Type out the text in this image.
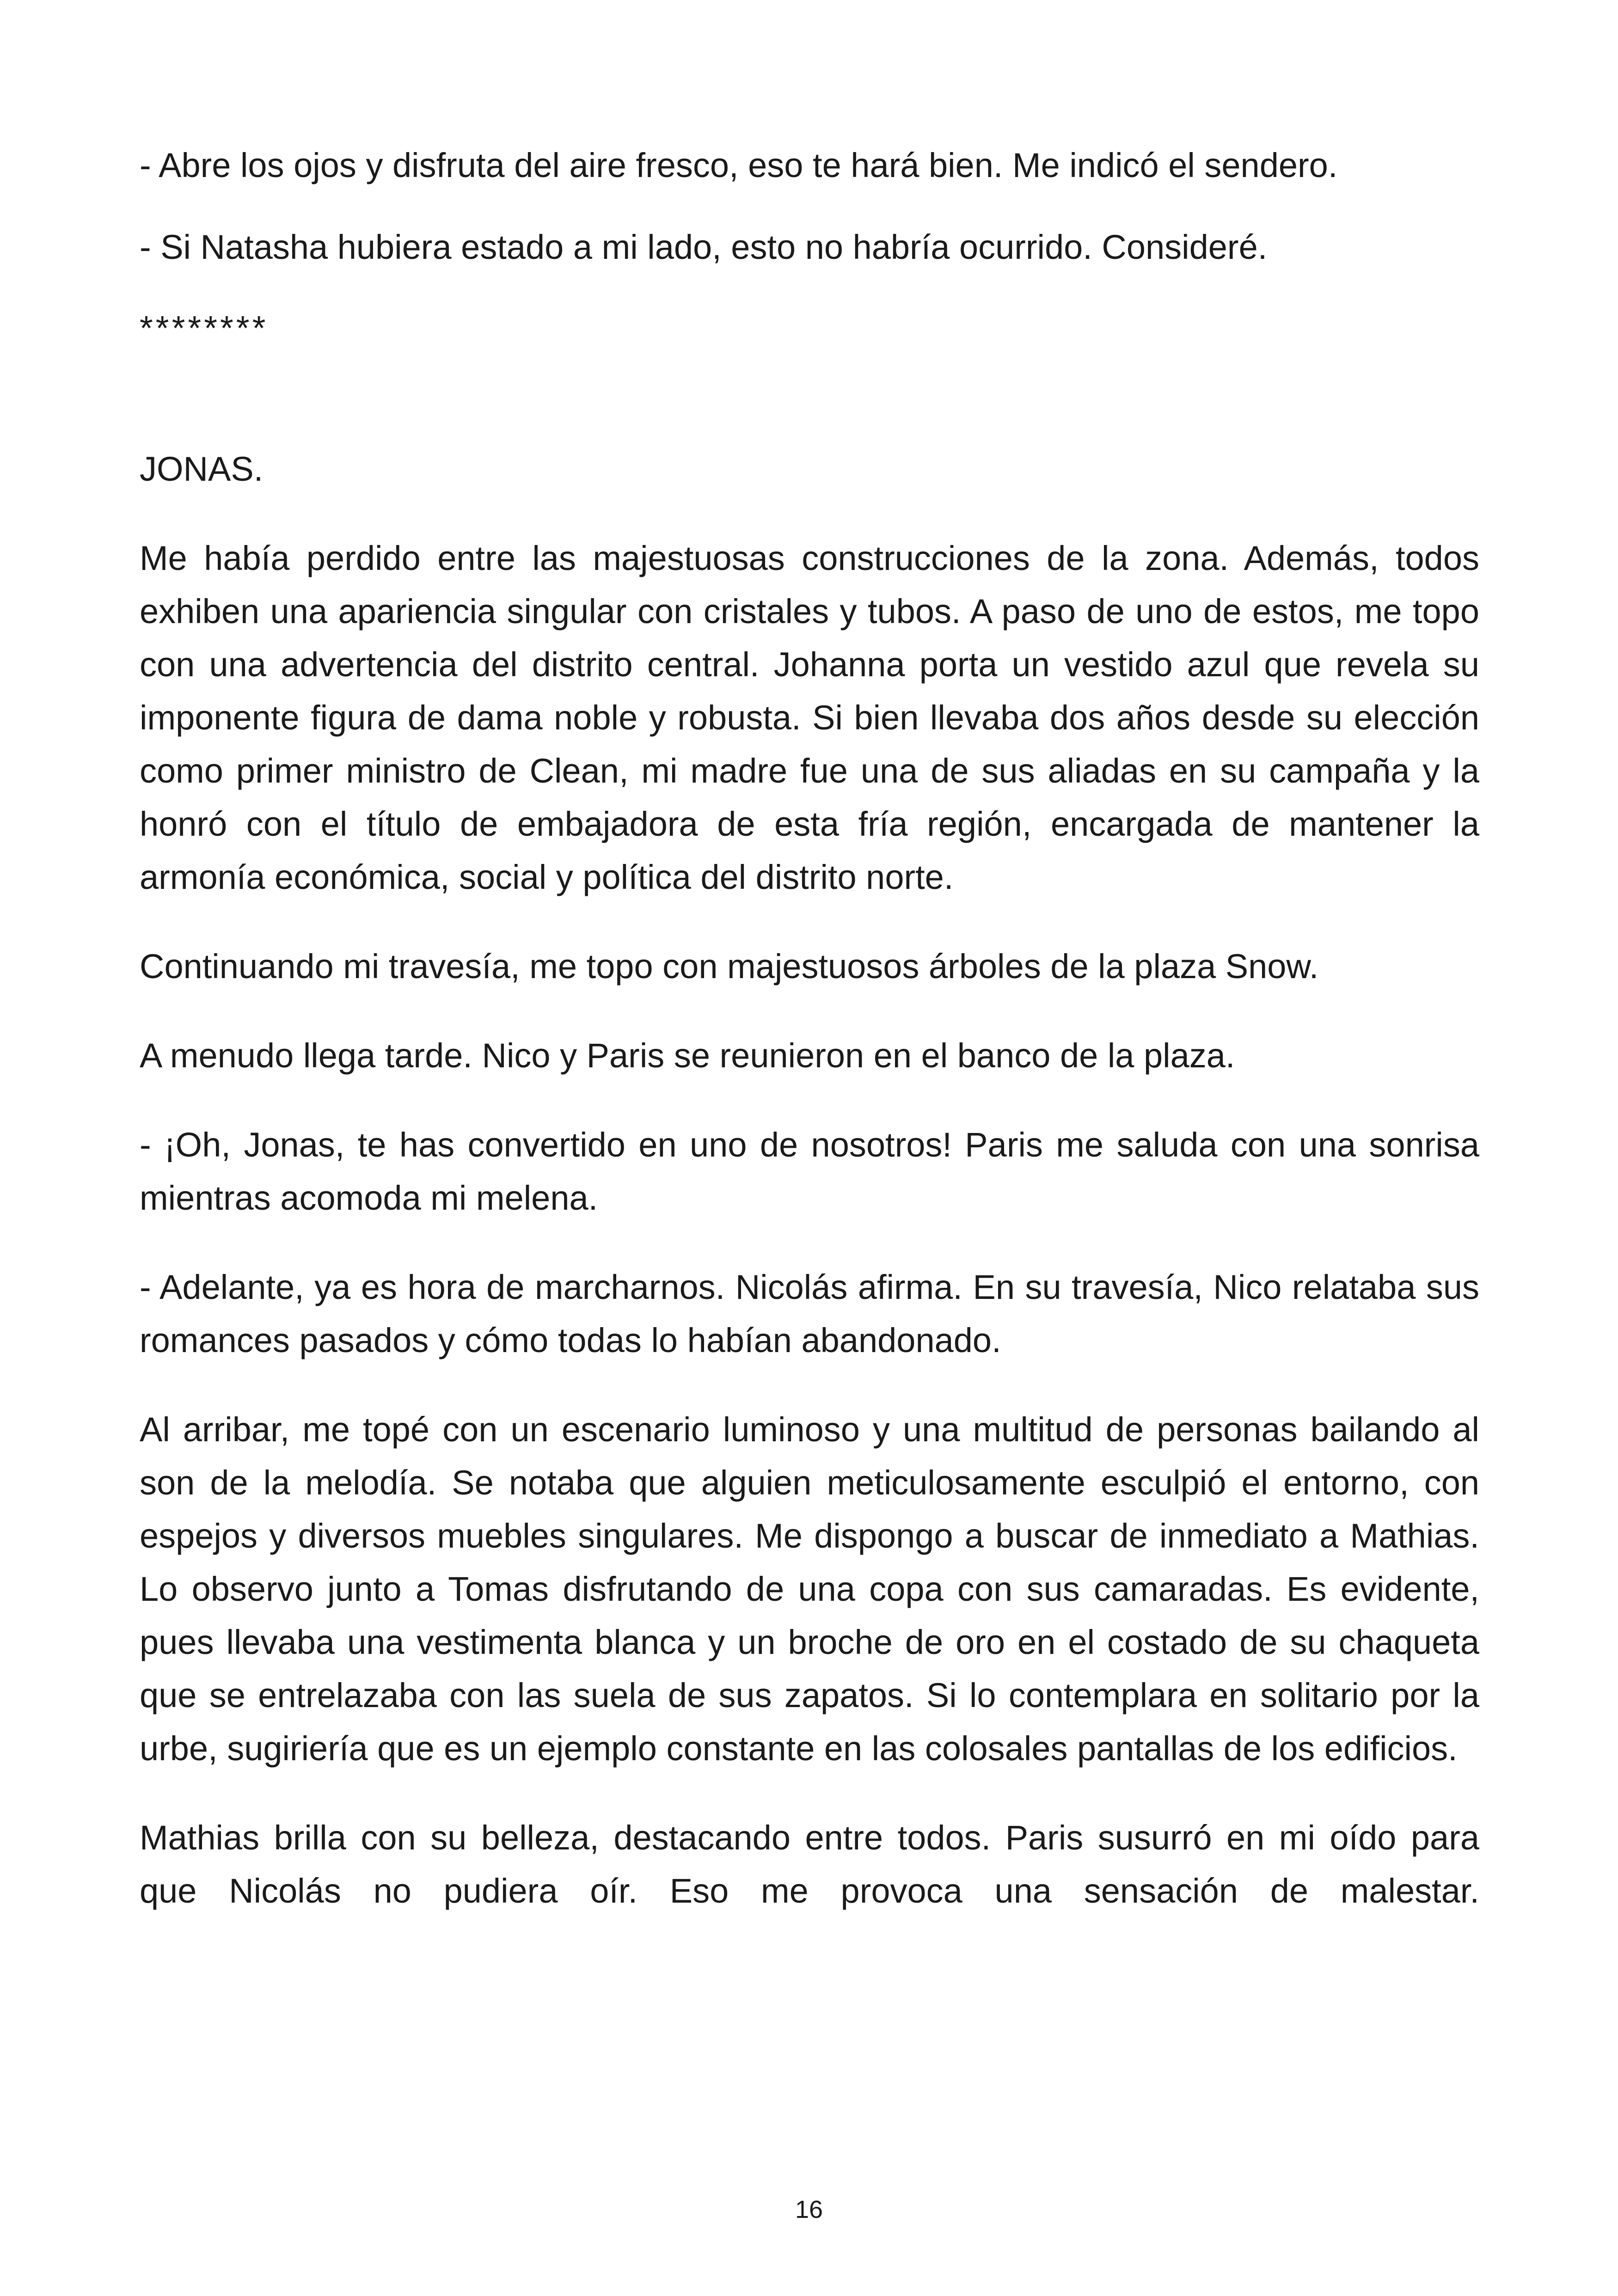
- Abre los ojos y disfruta del aire fresco, eso te hará bien. Me indicó el sendero.

- Si Natasha hubiera estado a mi lado, esto no habría ocurrido. Consideré.

********

JONAS.

Me había perdido entre las majestuosas construcciones de la zona. Además, todos exhiben una apariencia singular con cristales y tubos. A paso de uno de estos, me topo con una advertencia del distrito central. Johanna porta un vestido azul que revela su imponente figura de dama noble y robusta. Si bien llevaba dos años desde su elección como primer ministro de Clean, mi madre fue una de sus aliadas en su campaña y la honró con el título de embajadora de esta fría región, encargada de mantener la armonía económica, social y política del distrito norte.

Continuando mi travesía, me topo con majestuosos árboles de la plaza Snow.

A menudo llega tarde. Nico y Paris se reunieron en el banco de la plaza.

- ¡Oh, Jonas, te has convertido en uno de nosotros! Paris me saluda con una sonrisa mientras acomoda mi melena.

- Adelante, ya es hora de marcharnos. Nicolás afirma. En su travesía, Nico relataba sus romances pasados y cómo todas lo habían abandonado.

Al arribar, me topé con un escenario luminoso y una multitud de personas bailando al son de la melodía. Se notaba que alguien meticulosamente esculpió el entorno, con espejos y diversos muebles singulares. Me dispongo a buscar de inmediato a Mathias. Lo observo junto a Tomas disfrutando de una copa con sus camaradas. Es evidente, pues llevaba una vestimenta blanca y un broche de oro en el costado de su chaqueta que se entrelazaba con las suela de sus zapatos. Si lo contemplara en solitario por la urbe, sugiriería que es un ejemplo constante en las colosales pantallas de los edificios.

Mathias brilla con su belleza, destacando entre todos. Paris susurró en mi oído para que Nicolás no pudiera oír. Eso me provoca una sensación de malestar.

16
